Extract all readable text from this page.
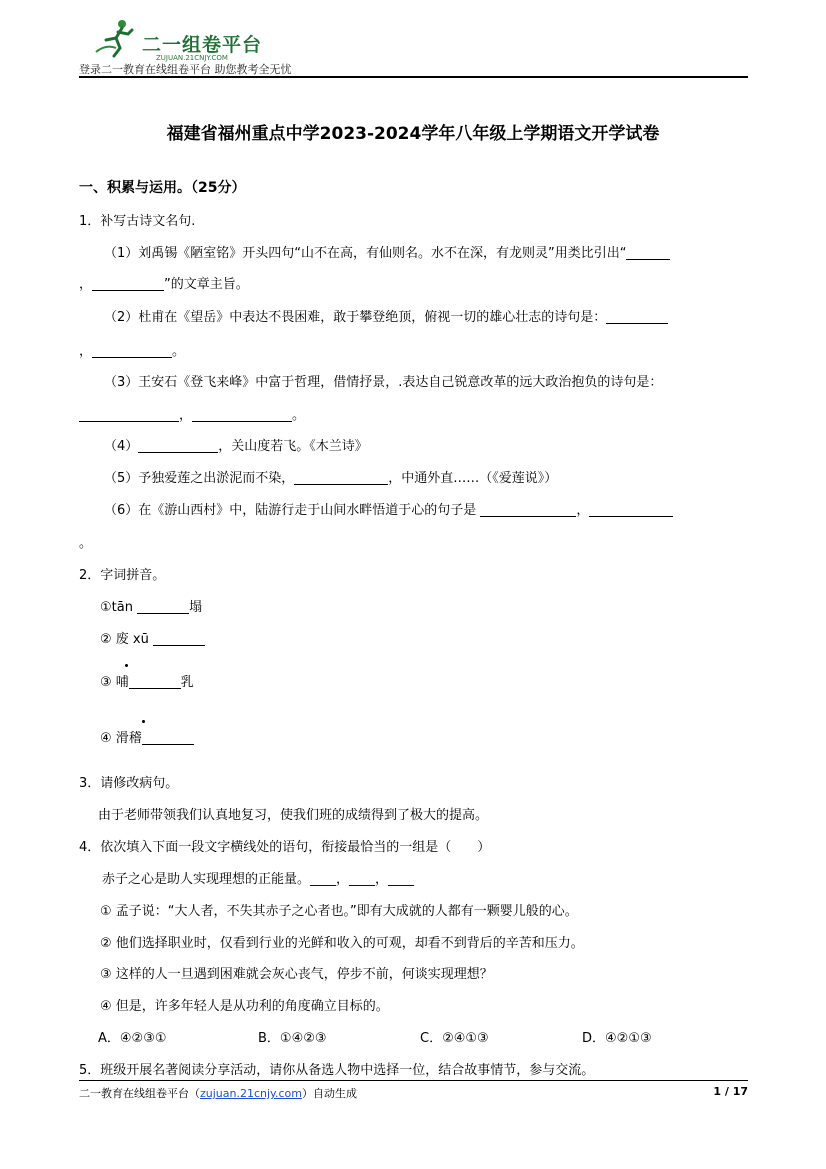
二一组卷平台
ZUJUAN.21CNJY.COM
登录二一教育在线组卷平台 助您教考全无忧
福建省福州重点中学2023-2024学年八年级上学期语文开学试卷
一、积累与运用。（25分）
1．补写古诗文名句.
（1）刘禹锡《陋室铭》开头四句“山不在高，有仙则名。水不在深，有龙则灵”用类比引出“
，	”的文章主旨。
（2）杜甫在《望岳》中表达不畏困难，敢于攀登绝顶，俯视一切的雄心壮志的诗句是：
，	。
（3）王安石《登飞来峰》中富于哲理，借情抒景，.表达自己锐意改革的远大政治抱负的诗句是：
，	。
（4）	，关山度若飞。《木兰诗》
（5）予独爱莲之出淤泥而不染，	，中通外直……（《爱莲说》）
（6）在《游山西村》中，陆游行走于山间水畔悟道于心的句子是	，
。
2．字词拼音。
①tān	塌
② 废 xū
③ 哺	乳
④ 滑稽
3．请修改病句。
由于老师带领我们认真地复习，使我们班的成绩得到了极大的提高。
4．依次填入下面一段文字横线处的语句，衔接最恰当的一组是（　　）
赤子之心是助人实现理想的正能量。____，____，____
① 孟子说：“大人者，不失其赤子之心者也。”即有大成就的人都有一颗婴儿般的心。
② 他们选择职业时，仅看到行业的光鲜和收入的可观，却看不到背后的辛苦和压力。
③ 这样的人一旦遇到困难就会灰心丧气，停步不前，何谈实现理想？
④ 但是，许多年轻人是从功利的角度确立目标的。
A．④②③①	B．①④②③	C．②④①③	D．④②①③
5．班级开展名著阅读分享活动，请你从备选人物中选择一位，结合故事情节，参与交流。
二一教育在线组卷平台（zujuan.21cnjy.com）自动生成	1 / 17
